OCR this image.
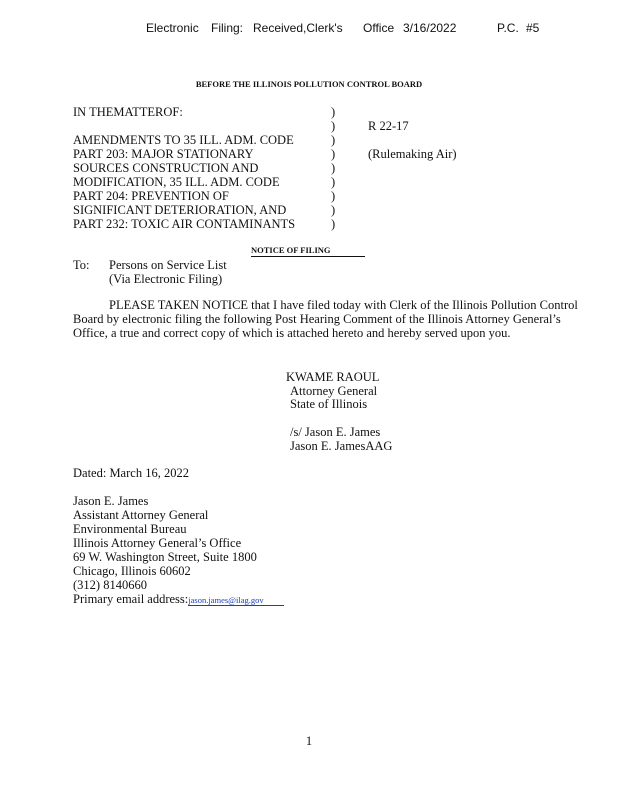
Electronic Filing: Received,Clerk's Office 3/16/2022	P.C. #5
BEFORE THE ILLINOIS POLLUTION CONTROL BOARD
IN THEMATTEROF:
AMENDMENTS TO 35 ILL. ADM. CODE
PART 203: MAJOR STATIONARY
SOURCES CONSTRUCTION AND
MODIFICATION, 35 ILL. ADM. CODE
PART 204: PREVENTION OF
SIGNIFICANT DETERIORATION, AND
PART 232: TOXIC AIR CONTAMINANTS
)
)
)
)
)
)
)
)
)
R 22-17
(Rulemaking Air)
NOTICE OF FILING
To: Persons on Service List
(Via Electronic Filing)
PLEASE TAKEN NOTICE that I have filed today with Clerk of the Illinois Pollution Control Board by electronic filing the following Post Hearing Comment of the Illinois Attorney General’s Office, a true and correct copy of which is attached hereto and hereby served upon you.
KWAME RAOUL
Attorney General
State of Illinois
/s/ Jason E. James
Jason E. JamesAAG
Dated: March 16, 2022
Jason E. James
Assistant Attorney General
Environmental Bureau
Illinois Attorney General’s Office
69 W. Washington Street, Suite 1800
Chicago, Illinois 60602
(312) 8140660
Primary email address:jason.james@ilag.gov
1
